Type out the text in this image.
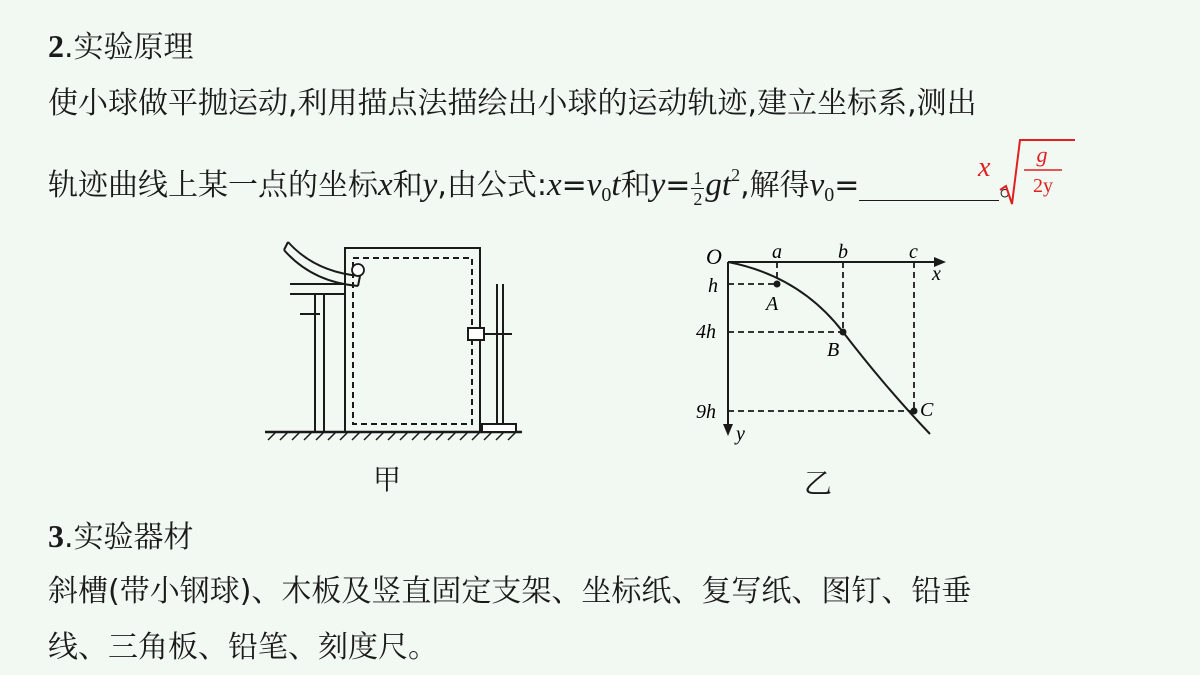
2.实验原理
使小球做平抛运动,利用描点法描绘出小球的运动轨迹,建立坐标系,测出
轨迹曲线上某一点的坐标x和y,由公式$:x=v_0t$和$y= \frac{1}{2} gt^2$,解得$v_0=$	。
x g
2y
甲
O
x
y
a	b	c
h
4h
9h
A
B
C
乙
3.实验器材
斜槽(带小钢球)、木板及竖直固定支架、坐标纸、复写纸、图钉、铅垂
线、三角板、铅笔、刻度尺。
